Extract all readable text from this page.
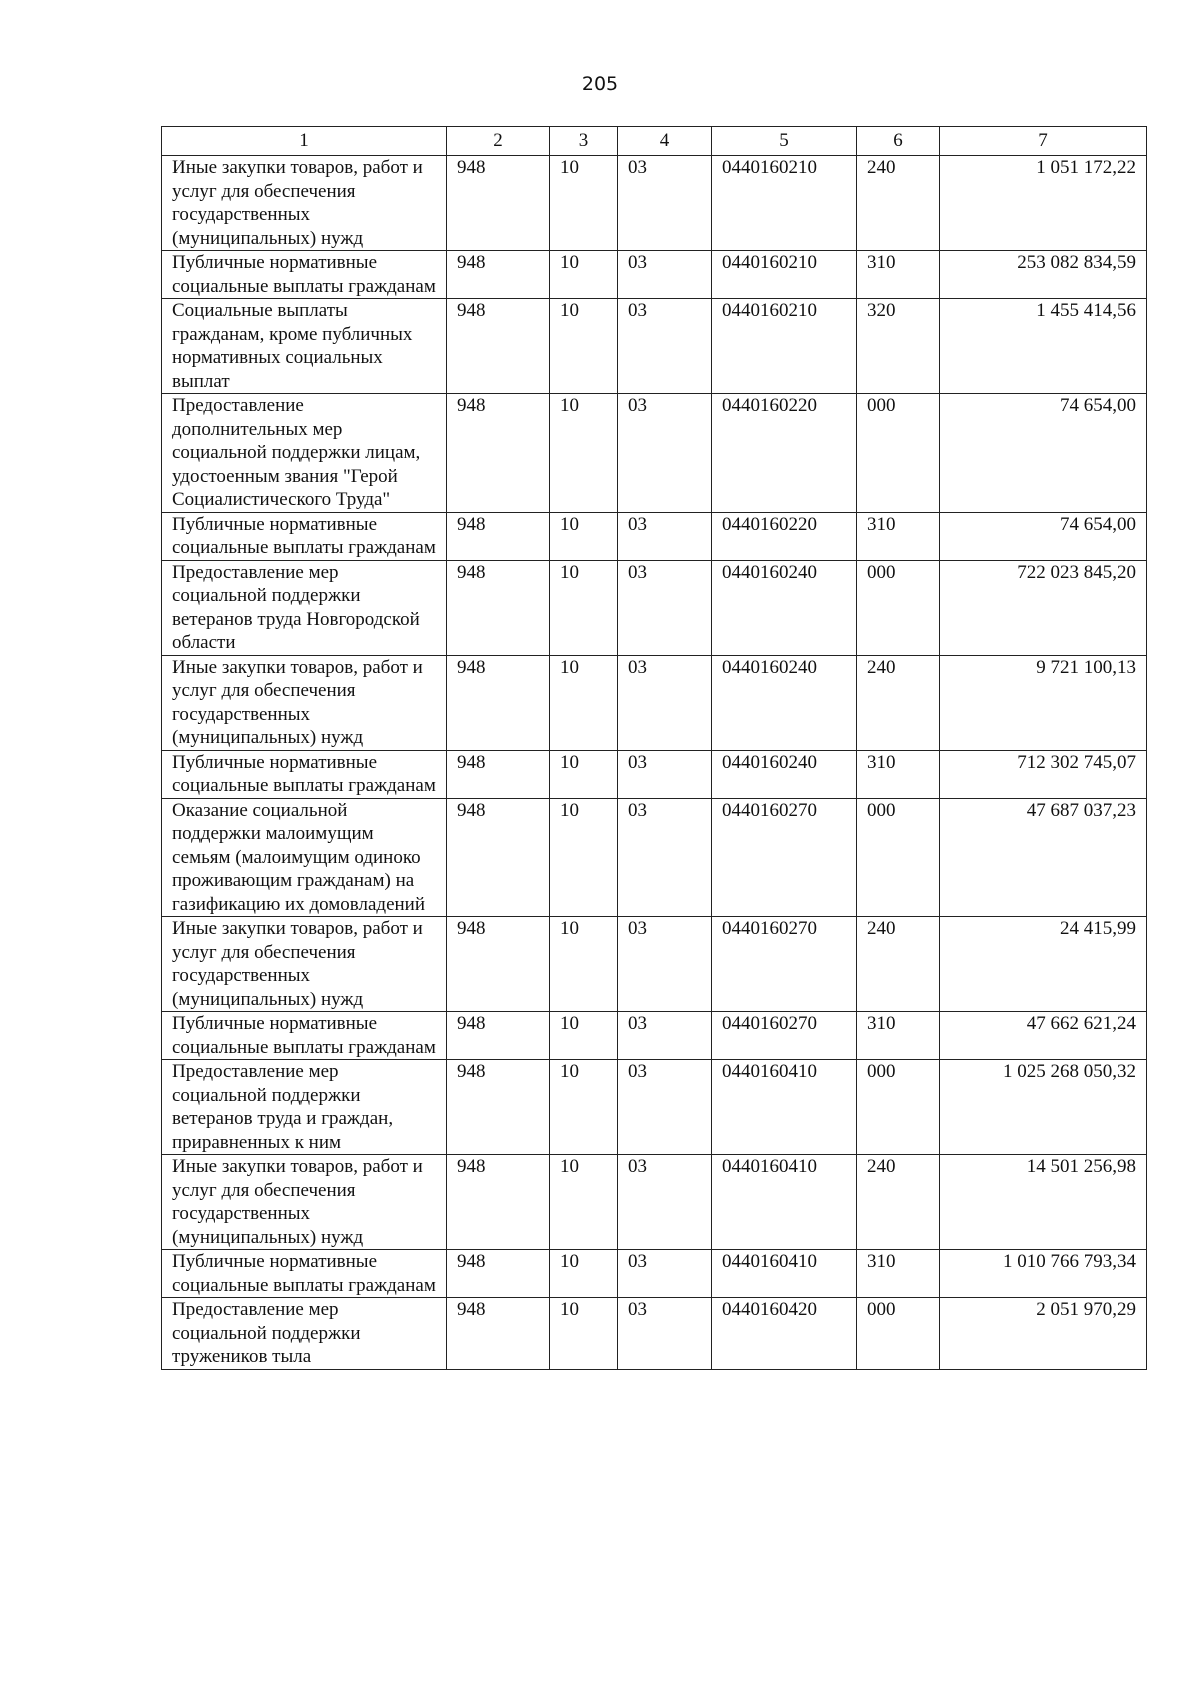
205
1	2	3	4	5	6	7
Иные закупки товаров, работ и услуг для обеспечения государственных (муниципальных) нужд	948	10	03	0440160210	240	1 051 172,22
Публичные нормативные социальные выплаты гражданам	948	10	03	0440160210	310	253 082 834,59
Социальные выплаты гражданам, кроме публичных нормативных социальных выплат	948	10	03	0440160210	320	1 455 414,56
Предоставление дополнительных мер социальной поддержки лицам, удостоенным звания "Герой Социалистического Труда"	948	10	03	0440160220	000	74 654,00
Публичные нормативные социальные выплаты гражданам	948	10	03	0440160220	310	74 654,00
Предоставление мер социальной поддержки ветеранов труда Новгородской области	948	10	03	0440160240	000	722 023 845,20
Иные закупки товаров, работ и услуг для обеспечения государственных (муниципальных) нужд	948	10	03	0440160240	240	9 721 100,13
Публичные нормативные социальные выплаты гражданам	948	10	03	0440160240	310	712 302 745,07
Оказание социальной поддержки малоимущим семьям (малоимущим одиноко проживающим гражданам) на газификацию их домовладений	948	10	03	0440160270	000	47 687 037,23
Иные закупки товаров, работ и услуг для обеспечения государственных (муниципальных) нужд	948	10	03	0440160270	240	24 415,99
Публичные нормативные социальные выплаты гражданам	948	10	03	0440160270	310	47 662 621,24
Предоставление мер социальной поддержки ветеранов труда и граждан, приравненных к ним	948	10	03	0440160410	000	1 025 268 050,32
Иные закупки товаров, работ и услуг для обеспечения государственных (муниципальных) нужд	948	10	03	0440160410	240	14 501 256,98
Публичные нормативные социальные выплаты гражданам	948	10	03	0440160410	310	1 010 766 793,34
Предоставление мер социальной поддержки тружеников тыла	948	10	03	0440160420	000	2 051 970,29
